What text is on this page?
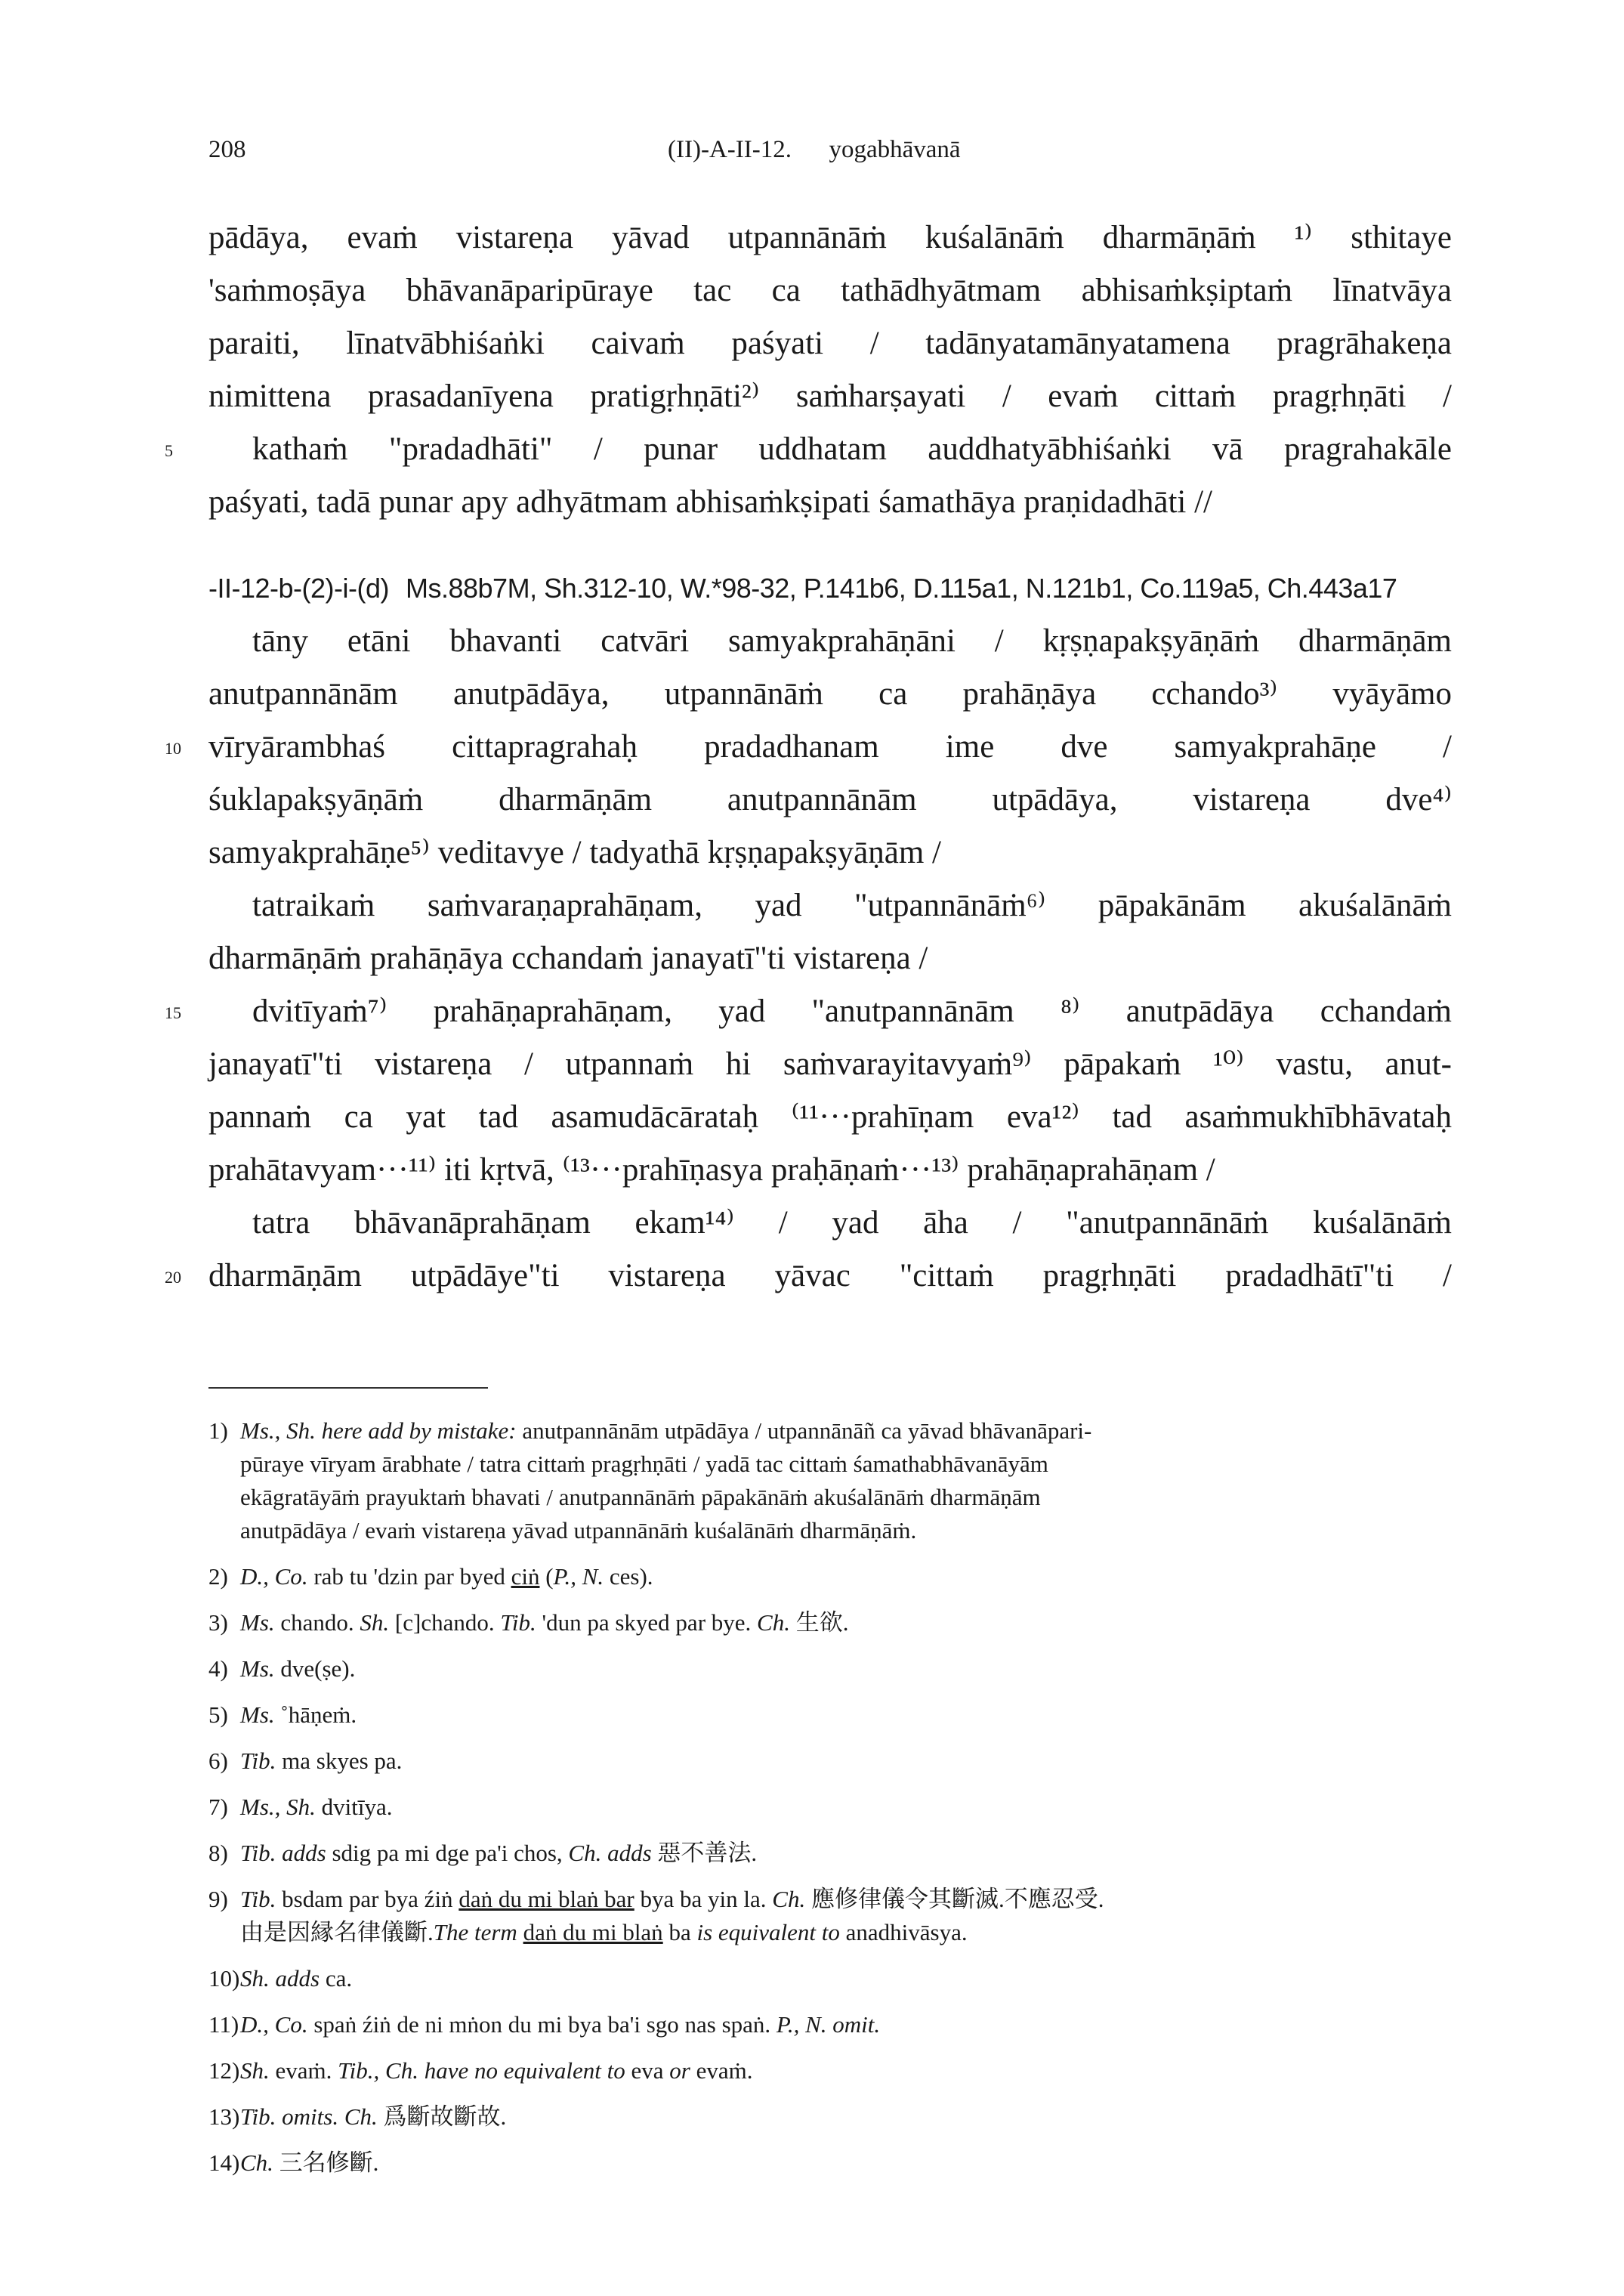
208	(II)-A-II-12.      yogabhāvanā
pādāya, evaṁ vistareṇa yāvad utpannānāṁ kuśalānāṁ dharmāṇāṁ ¹⁾ sthitaye
'saṁmoṣāya bhāvanāparipūraye tac ca tathādhyātmam abhisaṁkṣiptaṁ līnatvāya
paraiti, līnatvābhiśaṅki caivaṁ paśyati / tadānyatamānyatamena pragrāhakeṇa
nimittena prasadanīyena pratigṛhṇāti²⁾ saṁharṣayati / evaṁ cittaṁ pragṛhṇāti /
5	kathaṁ "pradadhāti" / punar uddhatam auddhatyābhiśaṅki vā pragrahakāle
paśyati, tadā punar apy adhyātmam abhisaṁkṣipati śamathāya praṇidadhāti //
-II-12-b-(2)-i-(d) Ms.88b7M, Sh.312-10, W.*98-32, P.141b6, D.115a1, N.121b1, Co.119a5, Ch.443a17
tāny etāni bhavanti catvāri samyakprahāṇāni / kṛṣṇapakṣyāṇāṁ dharmāṇām
anutpannānām anutpādāya, utpannānāṁ ca prahāṇāya cchando³⁾ vyāyāmo
10 vīryārambhaś cittapragrahaḥ pradadhanam ime dve samyakprahāṇe /
śuklapakṣyāṇāṁ dharmāṇām anutpannānām utpādāya, vistareṇa dve⁴⁾
samyakprahāṇe⁵⁾ veditavye / tadyathā kṛṣṇapakṣyāṇām /
tatraikaṁ saṁvaraṇaprahāṇam, yad "utpannānāṁ⁶⁾ pāpakānām akuśalānāṁ
dharmāṇāṁ prahāṇāya cchandaṁ janayatī"ti vistareṇa /
15	dvitīyaṁ⁷⁾ prahāṇaprahāṇam, yad "anutpannānām ⁸⁾ anutpādāya cchandaṁ
janayatī"ti vistareṇa / utpannaṁ hi saṁvarayitavyaṁ⁹⁾ pāpakaṁ ¹⁰⁾ vastu, anut-
pannaṁ ca yat tad asamudācārataḥ ⁽¹¹···prahīṇam eva¹²⁾ tad asaṁmukhībhāvataḥ
prahātavyam···¹¹⁾ iti kṛtvā, ⁽¹³···prahīṇasya praḥāṇaṁ···¹³⁾ prahāṇaprahāṇam /
tatra bhāvanāprahāṇam ekam¹⁴⁾ / yad āha / "anutpannānāṁ kuśalānāṁ
20 dharmāṇām utpādāye"ti vistareṇa yāvac "cittaṁ pragṛhṇāti pradadhātī"ti /
1) Ms., Sh. here add by mistake: anutpannānām utpādāya / utpannānāñ ca yāvad bhāvanāpari-
pūraye vīryam ārabhate / tatra cittaṁ pragṛhṇāti / yadā tac cittaṁ śamathabhāvanāyām
ekāgratāyāṁ prayuktaṁ bhavati / anutpannānāṁ pāpakānāṁ akuśalānāṁ dharmāṇām
anutpādāya / evaṁ vistareṇa yāvad utpannānāṁ kuśalānāṁ dharmāṇāṁ.
2) D., Co. rab tu 'dzin par byed ciṅ (P., N. ces).
3) Ms. chando. Sh. [c]chando. Tib. 'dun pa skyed par bye. Ch. 生欲.
4) Ms. dve(ṣe).
5) Ms. ˚hāṇeṁ.
6) Tib. ma skyes pa.
7) Ms., Sh. dvitīya.
8) Tib. adds sdig pa mi dge pa'i chos, Ch. adds 惡不善法.
9) Tib. bsdam par bya źiṅ daṅ du mi blaṅ bar bya ba yin la. Ch. 應修律儀令其斷滅.不應忍受.
由是因縁名律儀斷.The term daṅ du mi blaṅ ba is equivalent to anadhivāsya.
10)Sh. adds ca.
11)D., Co. spaṅ źiṅ de ni mṅon du mi bya ba'i sgo nas spaṅ. P., N. omit.
12)Sh. evaṁ. Tib., Ch. have no equivalent to eva or evaṁ.
13)Tib. omits. Ch. 爲斷故斷故.
14)Ch. 三名修斷.
